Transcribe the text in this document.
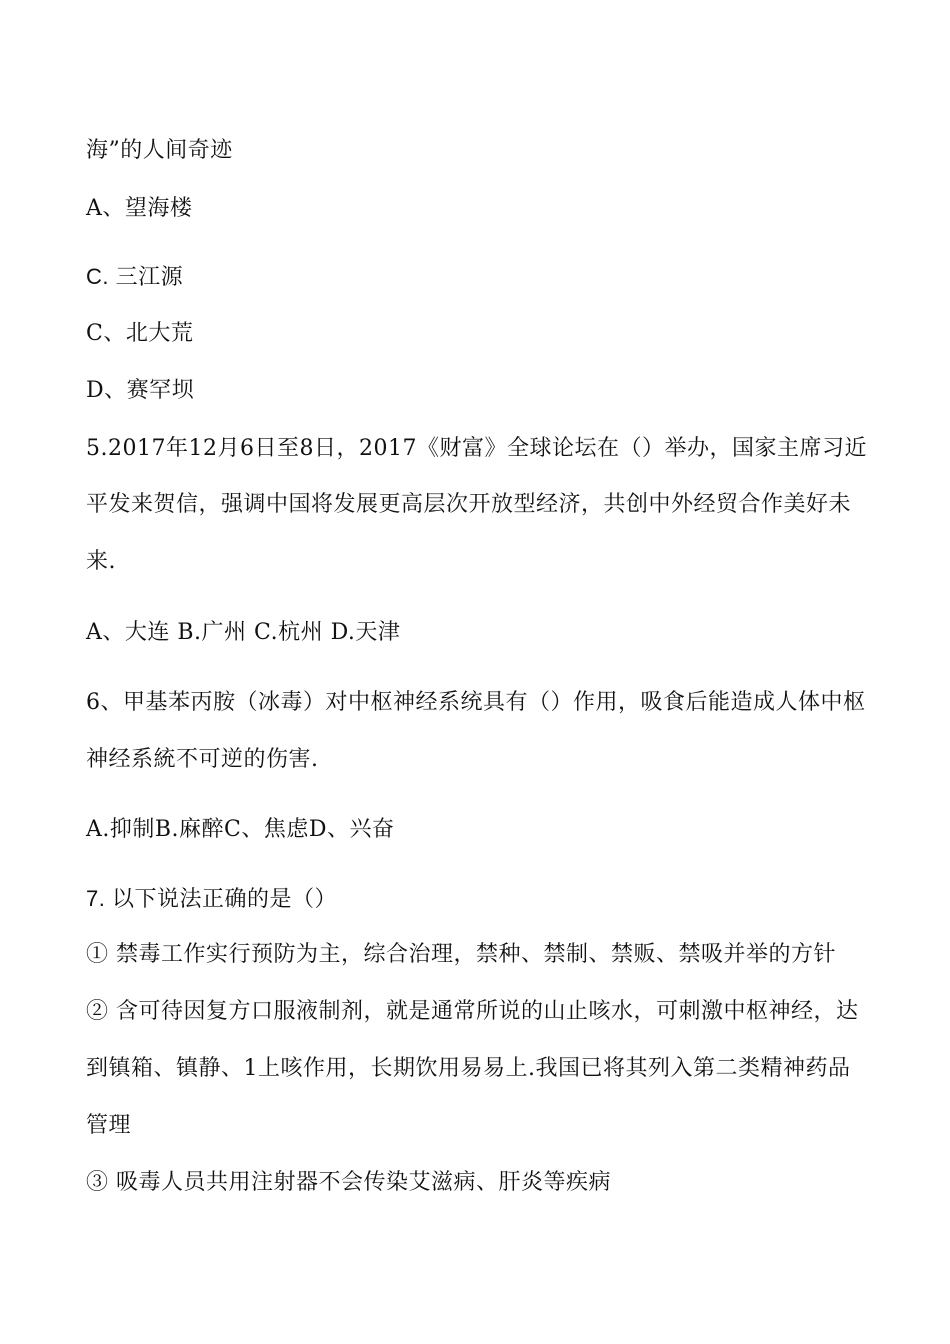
海”的人间奇迹
A、望海楼
C. 三江源
C、北大荒
D、赛罕坝
5.2017年12月6日至8日，2017《财富》全球论坛在（）举办，国家主席习近
平发来贺信，强调中国将发展更高层次开放型经济，共创中外经贸合作美好未
来.
A、大连 B.广州 C.杭州 D.天津
6、甲基苯丙胺（冰毒）对中枢神经系统具有（）作用，吸食后能造成人体中枢
神经系統不可逆的伤害.
A.抑制B.麻醉C、焦虑D、兴奋
7. 以下说法正确的是（）
① 禁毒工作实行预防为主，综合治理，禁种、禁制、禁贩、禁吸并举的方针
② 含可待因复方口服液制剂，就是通常所说的山止咳水，可刺激中枢神经，达
到镇箱、镇静、1上咳作用，长期饮用易易上.我国已将其列入第二类精神药品
管理
③ 吸毒人员共用注射器不会传染艾滋病、肝炎等疾病
